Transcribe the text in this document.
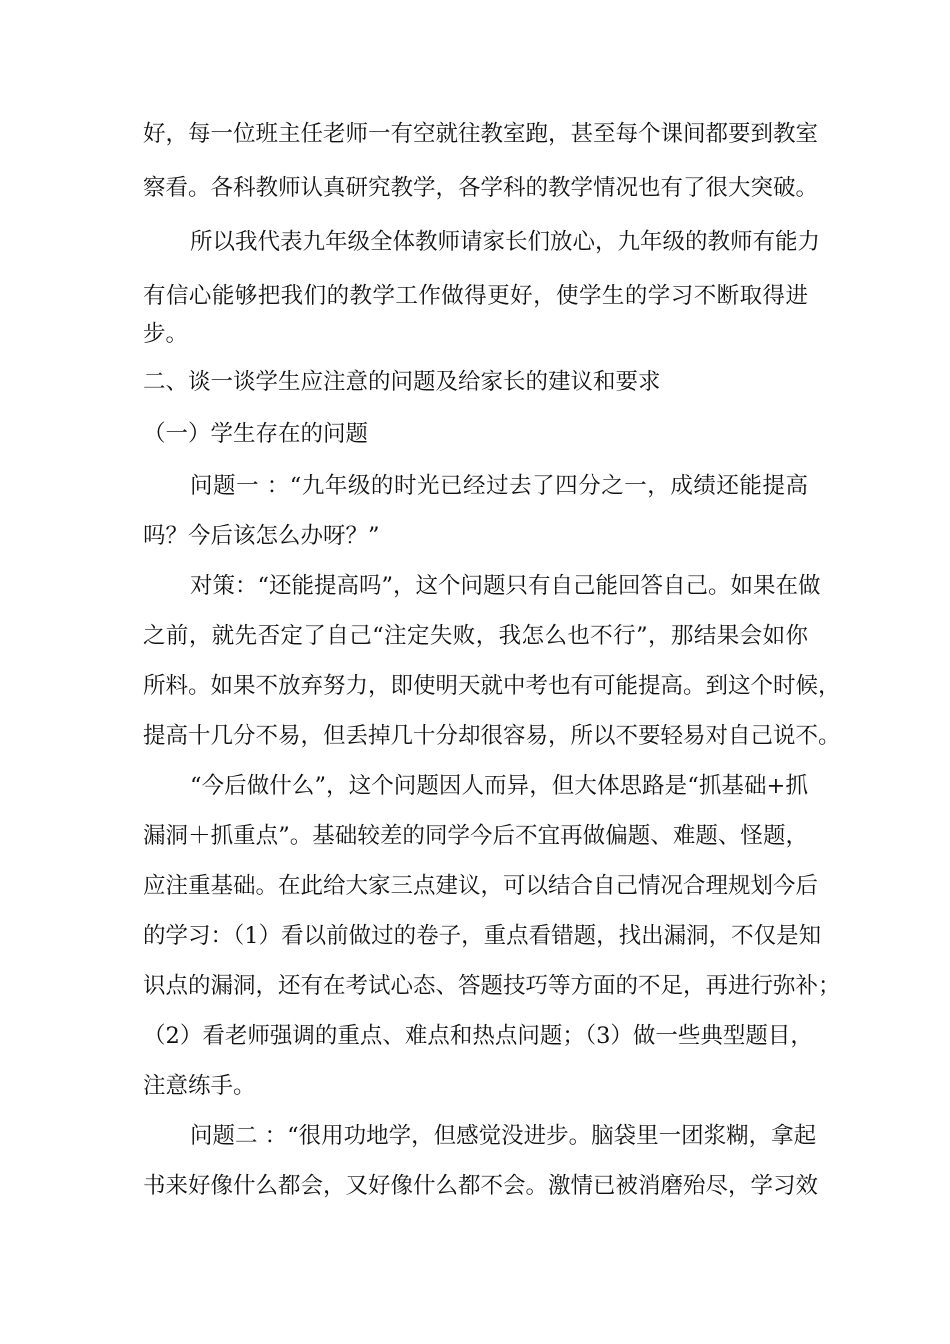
好，每一位班主任老师一有空就往教室跑，甚至每个课间都要到教室
察看。各科教师认真研究教学，各学科的教学情况也有了很大突破。
所以我代表九年级全体教师请家长们放心，九年级的教师有能力
有信心能够把我们的教学工作做得更好，使学生的学习不断取得进
步。
二、谈一谈学生应注意的问题及给家长的建议和要求
（一）学生存在的问题
问题一 ：“九年级的时光已经过去了四分之一，成绩还能提高
吗？今后该怎么办呀？”
对策：“还能提高吗”，这个问题只有自己能回答自己。如果在做
之前，就先否定了自己“注定失败，我怎么也不行”，那结果会如你
所料。如果不放弃努力，即使明天就中考也有可能提高。到这个时候，
提高十几分不易，但丢掉几十分却很容易，所以不要轻易对自己说不。
“今后做什么”，这个问题因人而异，但大体思路是“抓基础+抓
漏洞＋抓重点”。基础较差的同学今后不宜再做偏题、难题、怪题，
应注重基础。在此给大家三点建议，可以结合自己情况合理规划今后
的学习：（1）看以前做过的卷子，重点看错题，找出漏洞，不仅是知
识点的漏洞，还有在考试心态、答题技巧等方面的不足，再进行弥补；
（2）看老师强调的重点、难点和热点问题；（3）做一些典型题目，
注意练手。
问题二 ：“很用功地学，但感觉没进步。脑袋里一团浆糊，拿起
书来好像什么都会，又好像什么都不会。激情已被消磨殆尽，学习效
